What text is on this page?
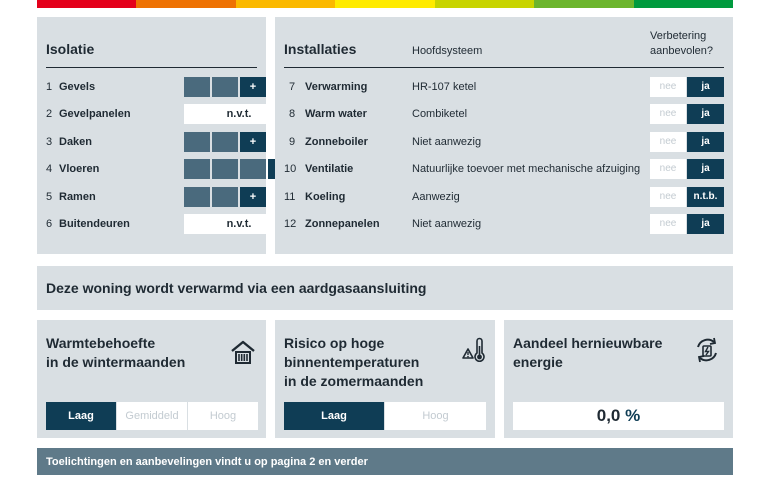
Isolatie
1 Gevels	+
2 Gevelpanelen	n.v.t.
3 Daken	+
4 Vloeren
5 Ramen	+
6 Buitendeuren	n.v.t.
Installaties	Hoofdsysteem
Verbetering
aanbevolen?
7 Verwarming	HR-107 ketel	nee	ja
8 Warm water	Combiketel	nee	ja
9 Zonneboiler	Niet aanwezig	nee	ja
10 Ventilatie	Natuurlijke toevoer met mechanische afzuiging	nee	ja
11 Koeling	Aanwezig	nee	n.t.b.
12 Zonnepanelen	Niet aanwezig	nee	ja
Deze woning wordt verwarmd via een aardgasaansluiting
Warmtebehoefte
in de wintermaanden
Laag	Gemiddeld	Hoog
Risico op hoge
binnentemperaturen
in de zomermaanden
Laag	Hoog
Aandeel hernieuwbare
energie
0,0 %
Toelichtingen en aanbevelingen vindt u op pagina 2 en verder
